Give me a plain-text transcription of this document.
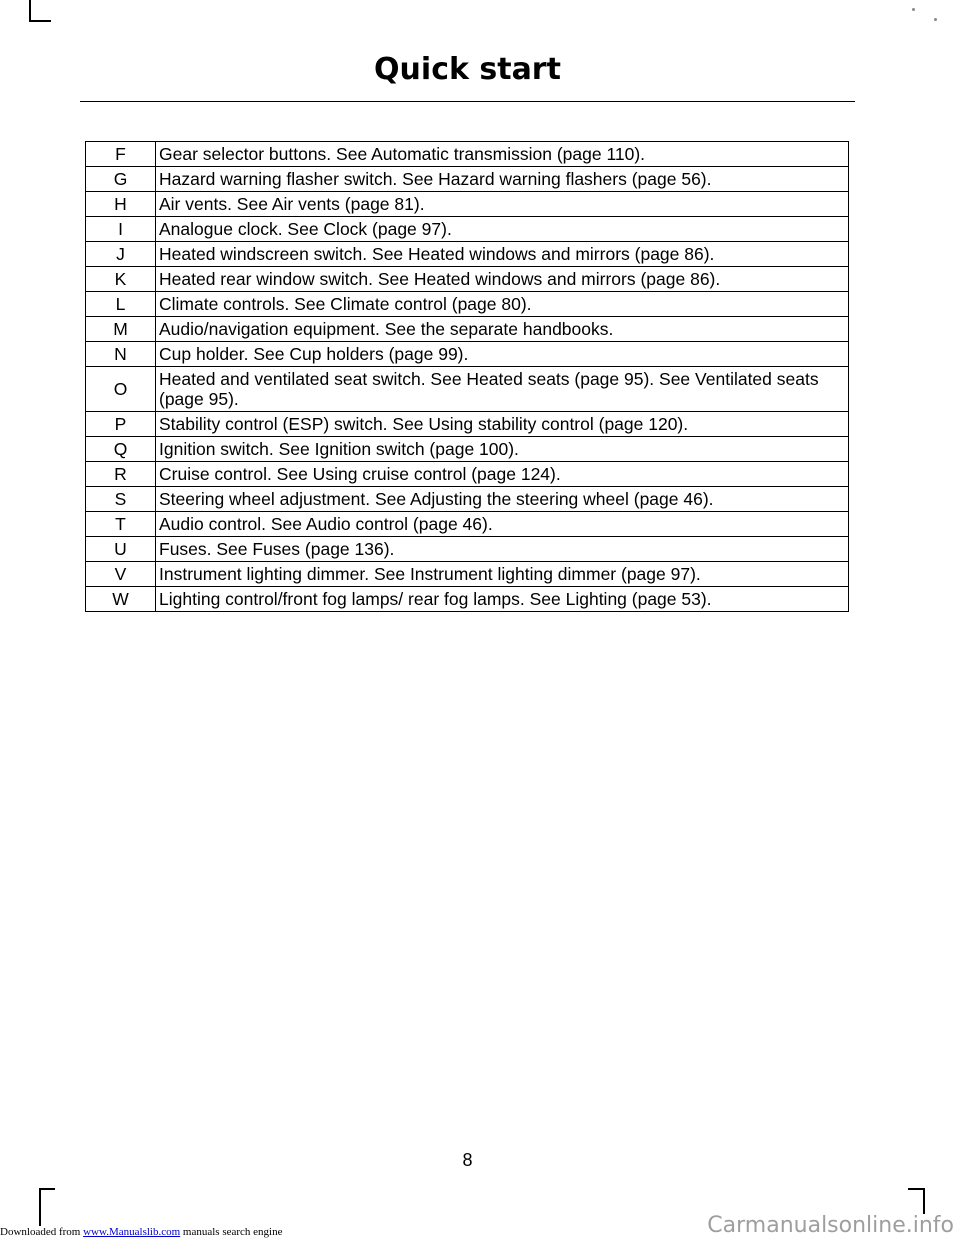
Quick start
F	Gear selector buttons. See Automatic transmission (page 110).
G	Hazard warning flasher switch. See Hazard warning flashers (page 56).
H	Air vents. See Air vents (page 81).
I	Analogue clock. See Clock (page 97).
J	Heated windscreen switch. See Heated windows and mirrors (page 86).
K	Heated rear window switch. See Heated windows and mirrors (page 86).
L	Climate controls. See Climate control (page 80).
M	Audio/navigation equipment. See the separate handbooks.
N	Cup holder. See Cup holders (page 99).
O	Heated and ventilated seat switch. See Heated seats (page 95). See Ventilated seats (page 95).
P	Stability control (ESP) switch. See Using stability control (page 120).
Q	Ignition switch. See Ignition switch (page 100).
R	Cruise control. See Using cruise control (page 124).
S	Steering wheel adjustment. See Adjusting the steering wheel (page 46).
T	Audio control. See Audio control (page 46).
U	Fuses. See Fuses (page 136).
V	Instrument lighting dimmer. See Instrument lighting dimmer (page 97).
W	Lighting control/front fog lamps/ rear fog lamps. See Lighting (page 53).
8
Downloaded from www.Manualslib.com manuals search engine	Carmanualsonline.info
